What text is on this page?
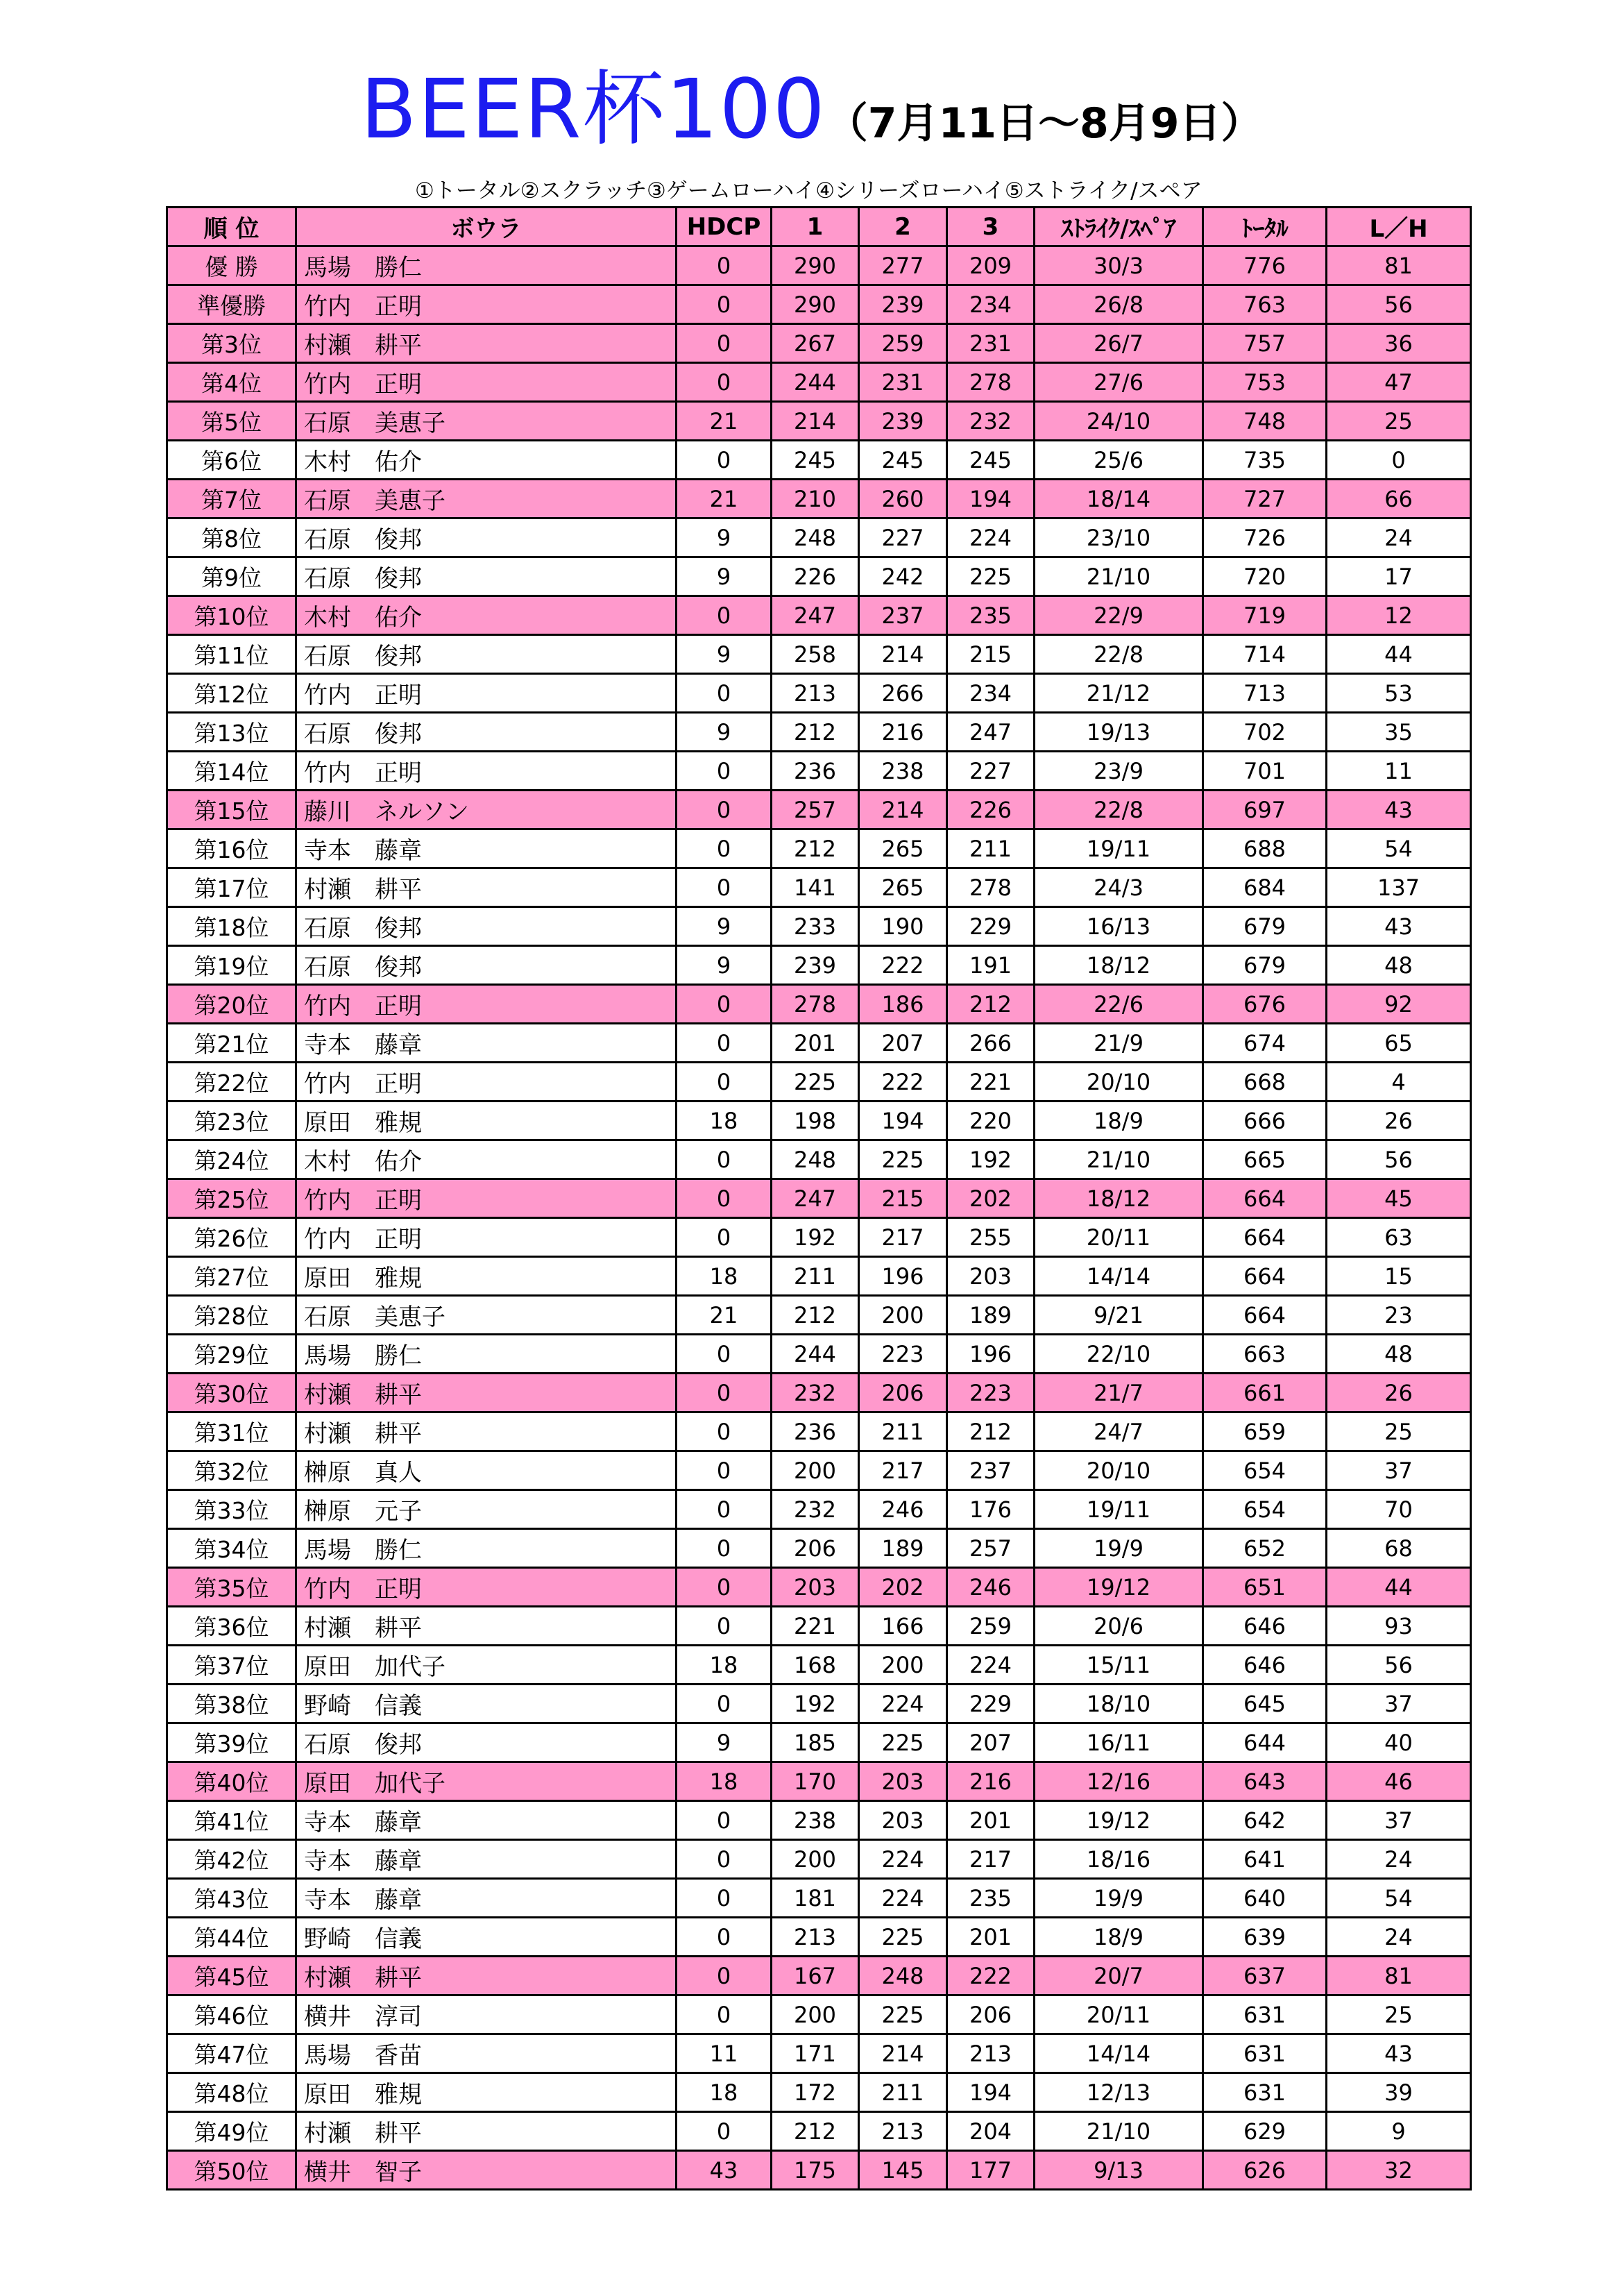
BEER杯100（7月11日～8月9日）
①トータル②スクラッチ③ゲームローハイ④シリーズローハイ⑤ストライク/スペア
順 位	ボウラ	HDCP	1	2	3	ｽﾄﾗｲｸ/ｽﾍﾟｱ	ﾄｰﾀﾙ	L／H
優 勝	馬場　勝仁	0	290	277	209	30/3	776	81
準優勝	竹内　正明	0	290	239	234	26/8	763	56
第3位	村瀬　耕平	0	267	259	231	26/7	757	36
第4位	竹内　正明	0	244	231	278	27/6	753	47
第5位	石原　美恵子	21	214	239	232	24/10	748	25
第6位	木村　佑介	0	245	245	245	25/6	735	0
第7位	石原　美恵子	21	210	260	194	18/14	727	66
第8位	石原　俊邦	9	248	227	224	23/10	726	24
第9位	石原　俊邦	9	226	242	225	21/10	720	17
第10位	木村　佑介	0	247	237	235	22/9	719	12
第11位	石原　俊邦	9	258	214	215	22/8	714	44
第12位	竹内　正明	0	213	266	234	21/12	713	53
第13位	石原　俊邦	9	212	216	247	19/13	702	35
第14位	竹内　正明	0	236	238	227	23/9	701	11
第15位	藤川　ネルソン	0	257	214	226	22/8	697	43
第16位	寺本　藤章	0	212	265	211	19/11	688	54
第17位	村瀬　耕平	0	141	265	278	24/3	684	137
第18位	石原　俊邦	9	233	190	229	16/13	679	43
第19位	石原　俊邦	9	239	222	191	18/12	679	48
第20位	竹内　正明	0	278	186	212	22/6	676	92
第21位	寺本　藤章	0	201	207	266	21/9	674	65
第22位	竹内　正明	0	225	222	221	20/10	668	4
第23位	原田　雅規	18	198	194	220	18/9	666	26
第24位	木村　佑介	0	248	225	192	21/10	665	56
第25位	竹内　正明	0	247	215	202	18/12	664	45
第26位	竹内　正明	0	192	217	255	20/11	664	63
第27位	原田　雅規	18	211	196	203	14/14	664	15
第28位	石原　美恵子	21	212	200	189	9/21	664	23
第29位	馬場　勝仁	0	244	223	196	22/10	663	48
第30位	村瀬　耕平	0	232	206	223	21/7	661	26
第31位	村瀬　耕平	0	236	211	212	24/7	659	25
第32位	榊原　真人	0	200	217	237	20/10	654	37
第33位	榊原　元子	0	232	246	176	19/11	654	70
第34位	馬場　勝仁	0	206	189	257	19/9	652	68
第35位	竹内　正明	0	203	202	246	19/12	651	44
第36位	村瀬　耕平	0	221	166	259	20/6	646	93
第37位	原田　加代子	18	168	200	224	15/11	646	56
第38位	野崎　信義	0	192	224	229	18/10	645	37
第39位	石原　俊邦	9	185	225	207	16/11	644	40
第40位	原田　加代子	18	170	203	216	12/16	643	46
第41位	寺本　藤章	0	238	203	201	19/12	642	37
第42位	寺本　藤章	0	200	224	217	18/16	641	24
第43位	寺本　藤章	0	181	224	235	19/9	640	54
第44位	野崎　信義	0	213	225	201	18/9	639	24
第45位	村瀬　耕平	0	167	248	222	20/7	637	81
第46位	横井　淳司	0	200	225	206	20/11	631	25
第47位	馬場　香苗	11	171	214	213	14/14	631	43
第48位	原田　雅規	18	172	211	194	12/13	631	39
第49位	村瀬　耕平	0	212	213	204	21/10	629	9
第50位	横井　智子	43	175	145	177	9/13	626	32
